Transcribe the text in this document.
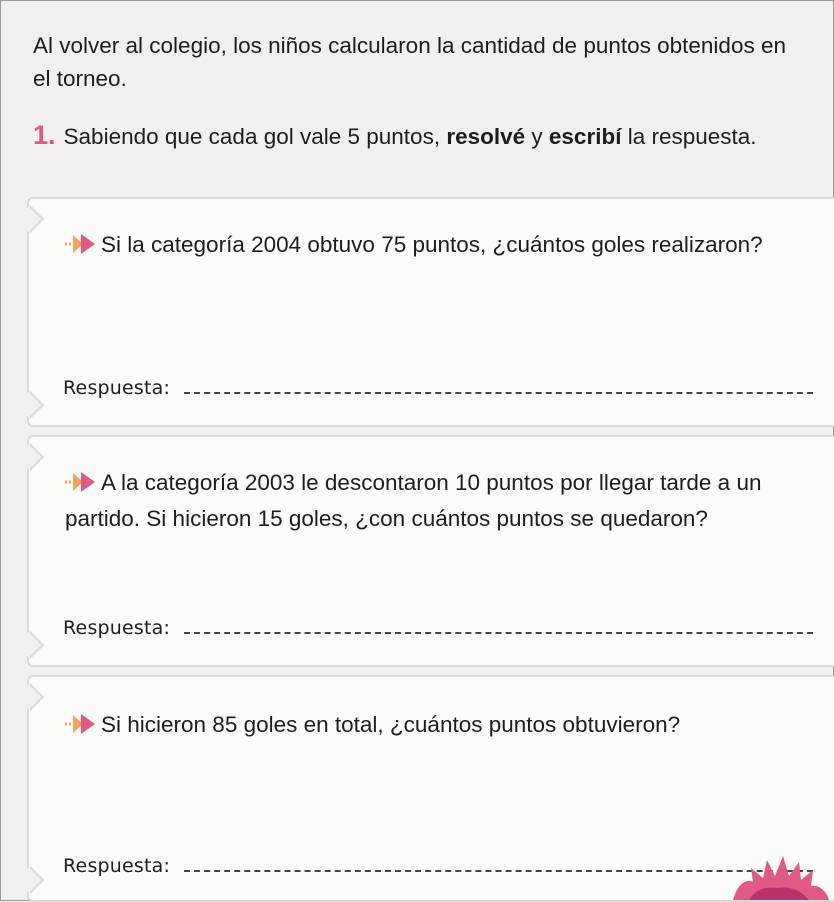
Al volver al colegio, los niños calcularon la cantidad de puntos obtenidos en el torneo.

1. Sabiendo que cada gol vale 5 puntos, resolvé y escribí la respuesta.

Si la categoría 2004 obtuvo 75 puntos, ¿cuántos goles realizaron?

Respuesta:

A la categoría 2003 le descontaron 10 puntos por llegar tarde a un partido. Si hicieron 15 goles, ¿con cuántos puntos se quedaron?

Respuesta:

Si hicieron 85 goles en total, ¿cuántos puntos obtuvieron?

Respuesta:
